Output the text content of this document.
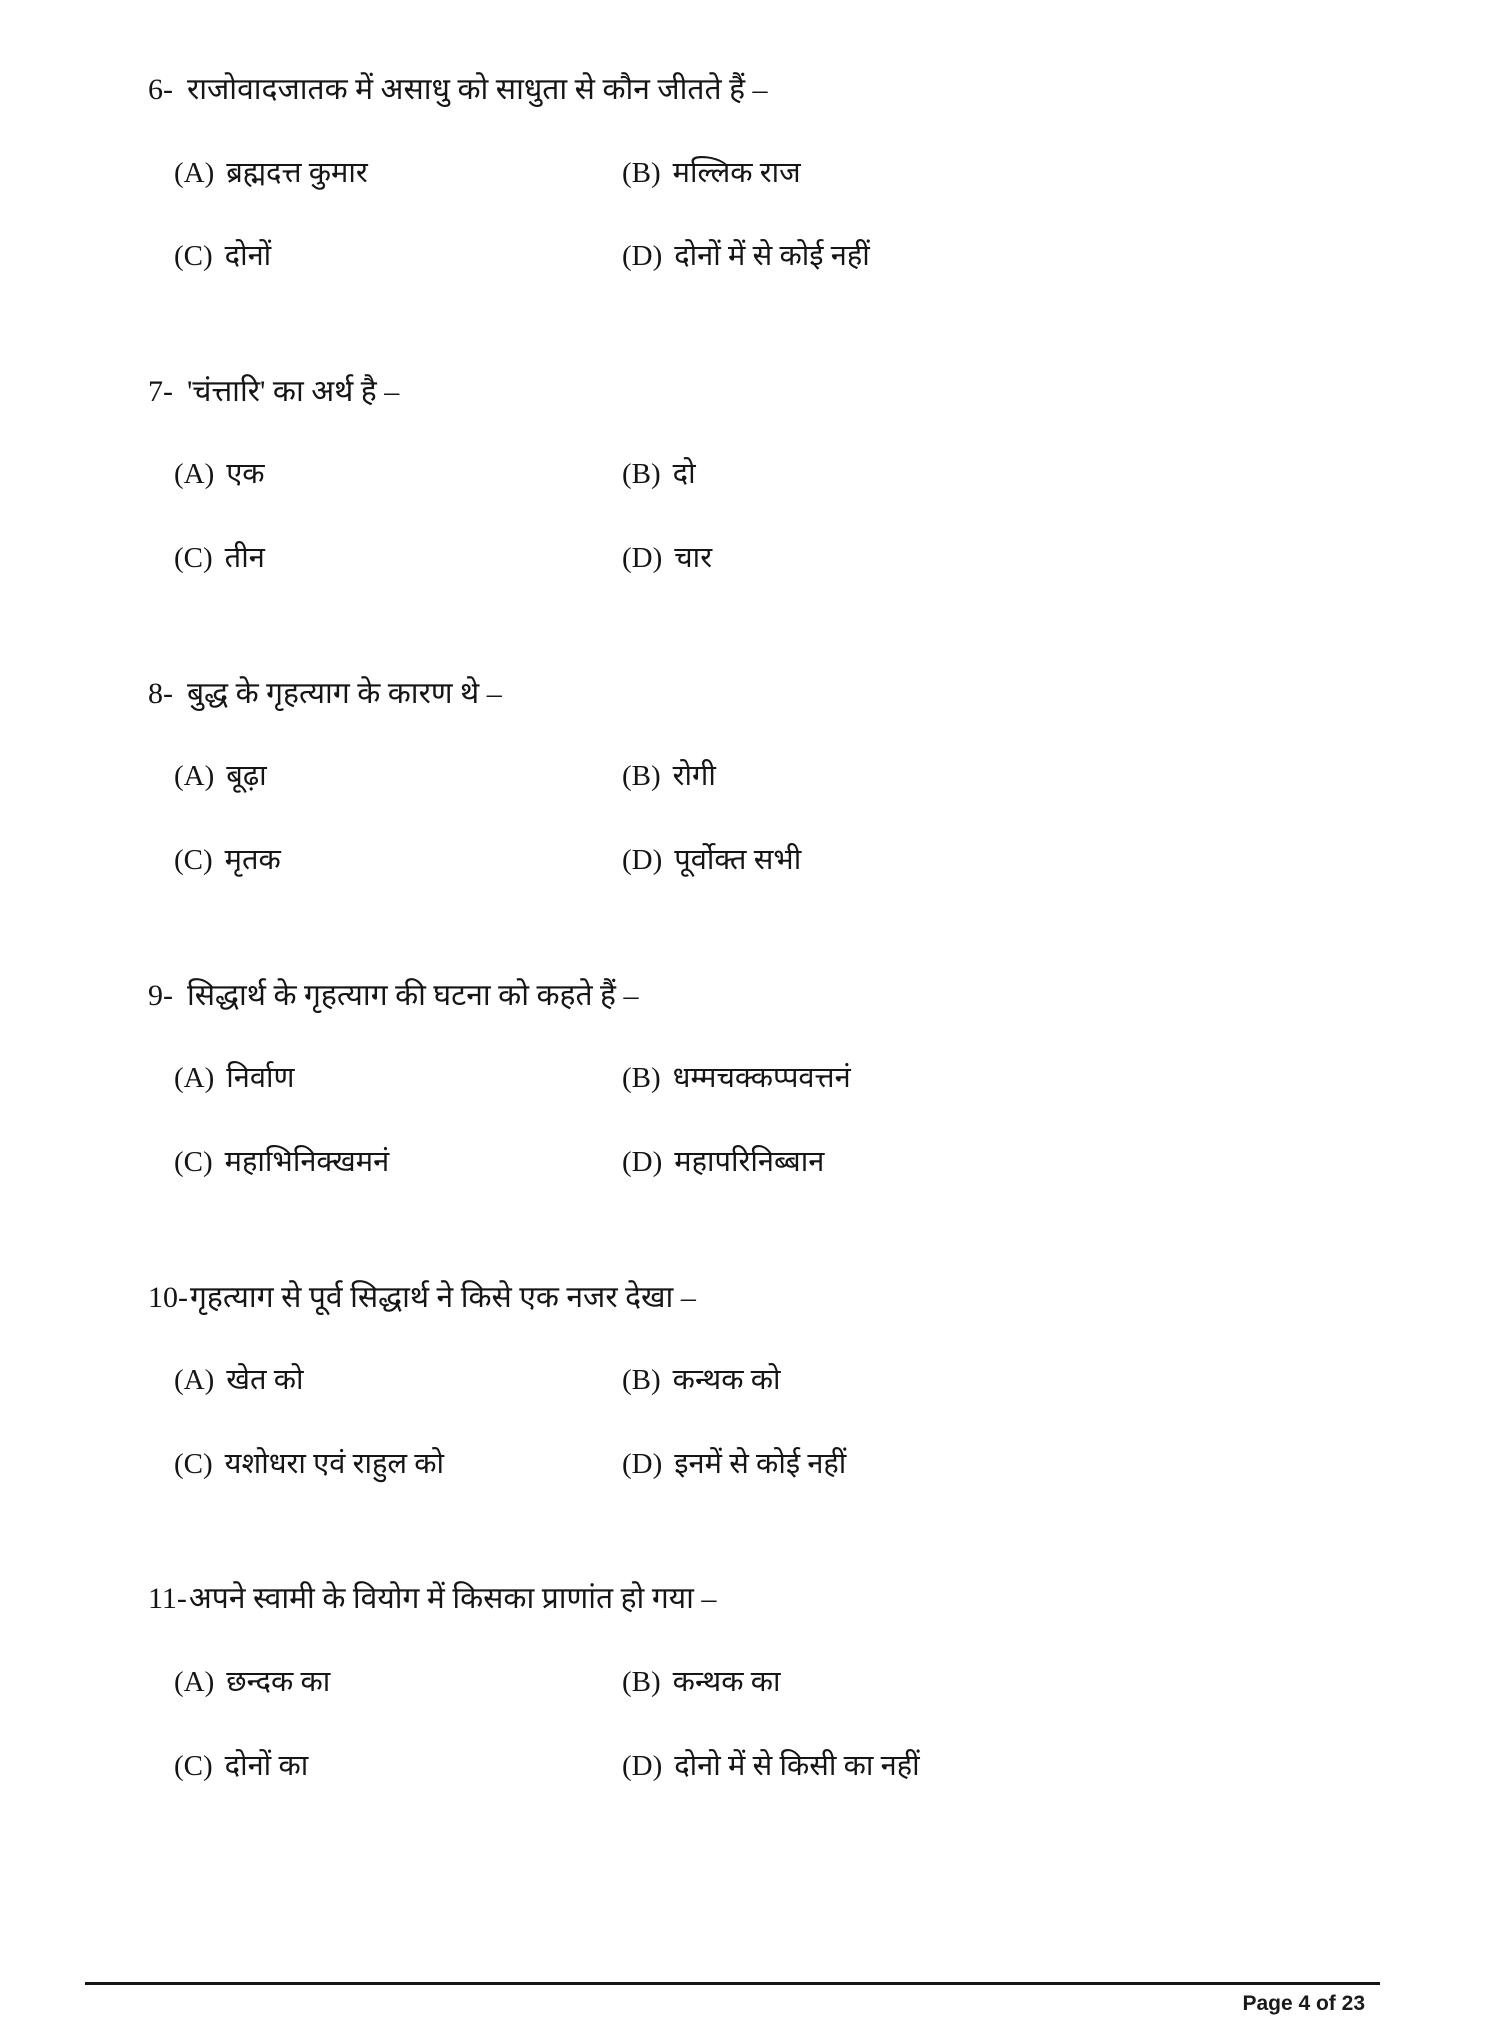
6- राजोवादजातक में असाधु को साधुता से कौन जीतते हैं –
(A) ब्रह्मदत्त कुमार	(B) मल्लिक राज
(C) दोनों	(D) दोनों में से कोई नहीं
7- 'चंत्तारि' का अर्थ है –
(A) एक	(B) दो
(C) तीन	(D) चार
8- बुद्ध के गृहत्याग के कारण थे –
(A) बूढ़ा	(B) रोगी
(C) मृतक	(D) पूर्वोक्त सभी
9- सिद्धार्थ के गृहत्याग की घटना को कहते हैं –
(A) निर्वाण	(B) धम्मचक्कप्पवत्तनं
(C) महाभिनिक्खमनं	(D) महापरिनिब्बान
10-गृहत्याग से पूर्व सिद्धार्थ ने किसे एक नजर देखा –
(A) खेत को	(B) कन्थक को
(C) यशोधरा एवं राहुल को	(D) इनमें से कोई नहीं
11-अपने स्वामी के वियोग में किसका प्राणांत हो गया –
(A) छन्दक का	(B) कन्थक का
(C) दोनों का	(D) दोनो में से किसी का नहीं
Page 4 of 23
